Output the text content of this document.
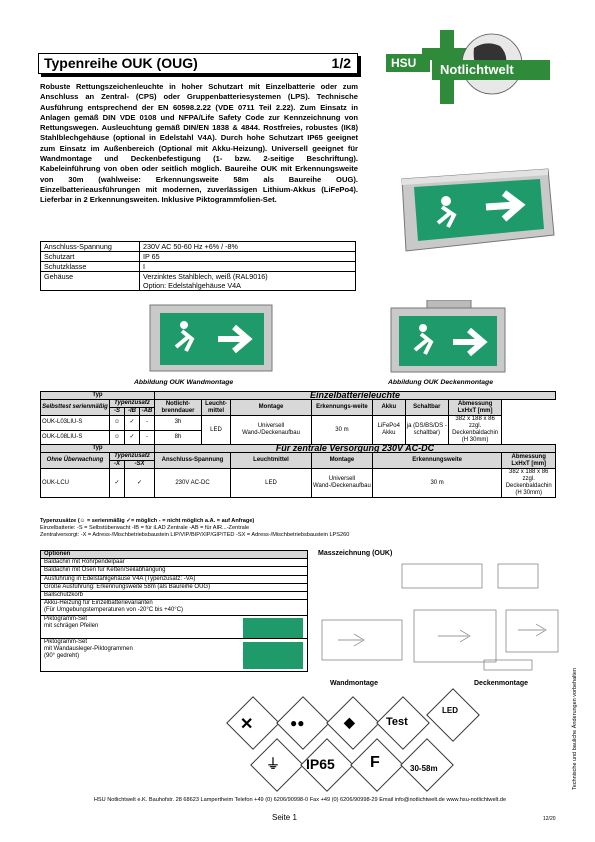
Typenreihe OUK (OUG)	1/2	HSU Notlichtwelt
Robuste Rettungszeichenleuchte in hoher Schutzart mit Einzelbatterie oder zum Anschluss an Zentral- (CPS) oder Gruppenbatteriesystemen (LPS). Technische Ausführung entsprechend der EN 60598.2.22 (VDE 0711 Teil 2.22). Zum Einsatz in Anlagen gemäß DIN VDE 0108 und NFPA/Life Safety Code zur Kennzeichnung von Rettungswegen. Ausleuchtung gemäß DIN/EN 1838 & 4844. Rostfreies, robustes (IK8) Stahlblechgehäuse (optional in Edelstahl V4A). Durch hohe Schutzart IP65 geeignet zum Einsatz im Außenbereich (Optional mit Akku-Heizung). Universell geeignet für Wandmontage und Deckenbefestigung (1- bzw. 2-seitige Beschriftung). Kabeleinführung von oben oder seitlich möglich. Baureihe OUK mit Erkennungsweite von 30m (wahlweise: Erkennungsweite 58m als Baureihe OUG). Einzelbatterieausführungen mit modernen, zuverlässigen Lithium-Akkus (LiFePo4). Lieferbar in 2 Erkennungsweiten. Inklusive Piktogrammfolien-Set.
Anschluss-Spannung	230V AC 50-60 Hz +6% / -8%
Schutzart	IP 65
Schutzklasse	I
Gehäuse	Verzinktes Stahlblech, weiß (RAL9016)
Option: Edelstahlgehäuse V4A
Abbildung OUK Wandmontage	Abbildung OUK Deckenmontage
Typ				Einzelbatterieleuchte							
Selbsttest serienmäßig	Typenzusatz			Notlicht-brenndauer	Leucht-mittel	Montage	Erkennungs-weite	Akku	Schaltbar	Abmessung LxHxT [mm]	
	-S	-IB	-AB								
OUK-L03LIU-S	☺	✓	-	3h	LED	Universell Wand-/Deckenaufbau	30 m	LiFePo4 Akku	ja (DS/BS/DS -schaltbar)	382 x 188 x 86
zzgl. Deckenbaldachin (H 30mm)	

OUK-L08LIU-S	☺	✓	-	8h							
Typ				Für zentrale Versorgung 230V AC-DC							
Ohne Überwachung	Typenzusatz			Anschluss-Spannung		Leuchtmittel	Montage	Erkennungsweite			Abmessung LxHxT [mm]
	-X	-SX									
OUK-LCU	✓	✓		230V AC-DC		LED	Universell Wand-/Deckenaufbau	30 m			382 x 188 x 86
zzgl. Deckenbaldachin (H 30mm)
Typenzusätze (☺ = serienmäßig ✓= möglich - = nicht möglich a.A. = auf Anfrage)
Einzelbatterie: -S = Selbstüberwacht -IB = für iLAD Zentrale -AB = für AIR...-Zentrale
Zentralversorgt: -X = Adress-/Mischbetriebsbaustein LIP/VIP/BIP/XIP/GIP/TED -SX = Adress-/Mischbetriebsbaustein LPS260
Optionen
Baldachin mit Rohrpendelpaar
Baldachin mit Ösen für Ketten/Seilabhängung
Ausführung in Edelstahlgehäuse V4A (Typenzusatz: -VA)
Große Ausführung: Erkennungsweite 58m (als Baureihe OUG)
Ballschutzkorb

Akku-Heizung für Einzelbatterievarianten
(Für Umgebungstemperaturen von -20°C bis +40°C)

Piktogramm-Set
mit schrägen Pfeilen

Piktogramm-Set
mit Wandausleger-Piktogrammen
(90° gedreht)
Masszeichnung (OUK)
Wandmontage	Deckenmontage
✕	●●	◆	Test
LED
⏚ IP65 F	30-58m
HSU Notlichtwelt e.K. Bauhofstr. 28 68623 Lampertheim Telefon +49 (0) 6206/90998-0 Fax +49 (0) 6206/90998-29 Email info@notlichtwelt.de www.hsu-notlichtwelt.de
Seite 1	12/20
Technische und bauliche Änderungen vorbehalten
